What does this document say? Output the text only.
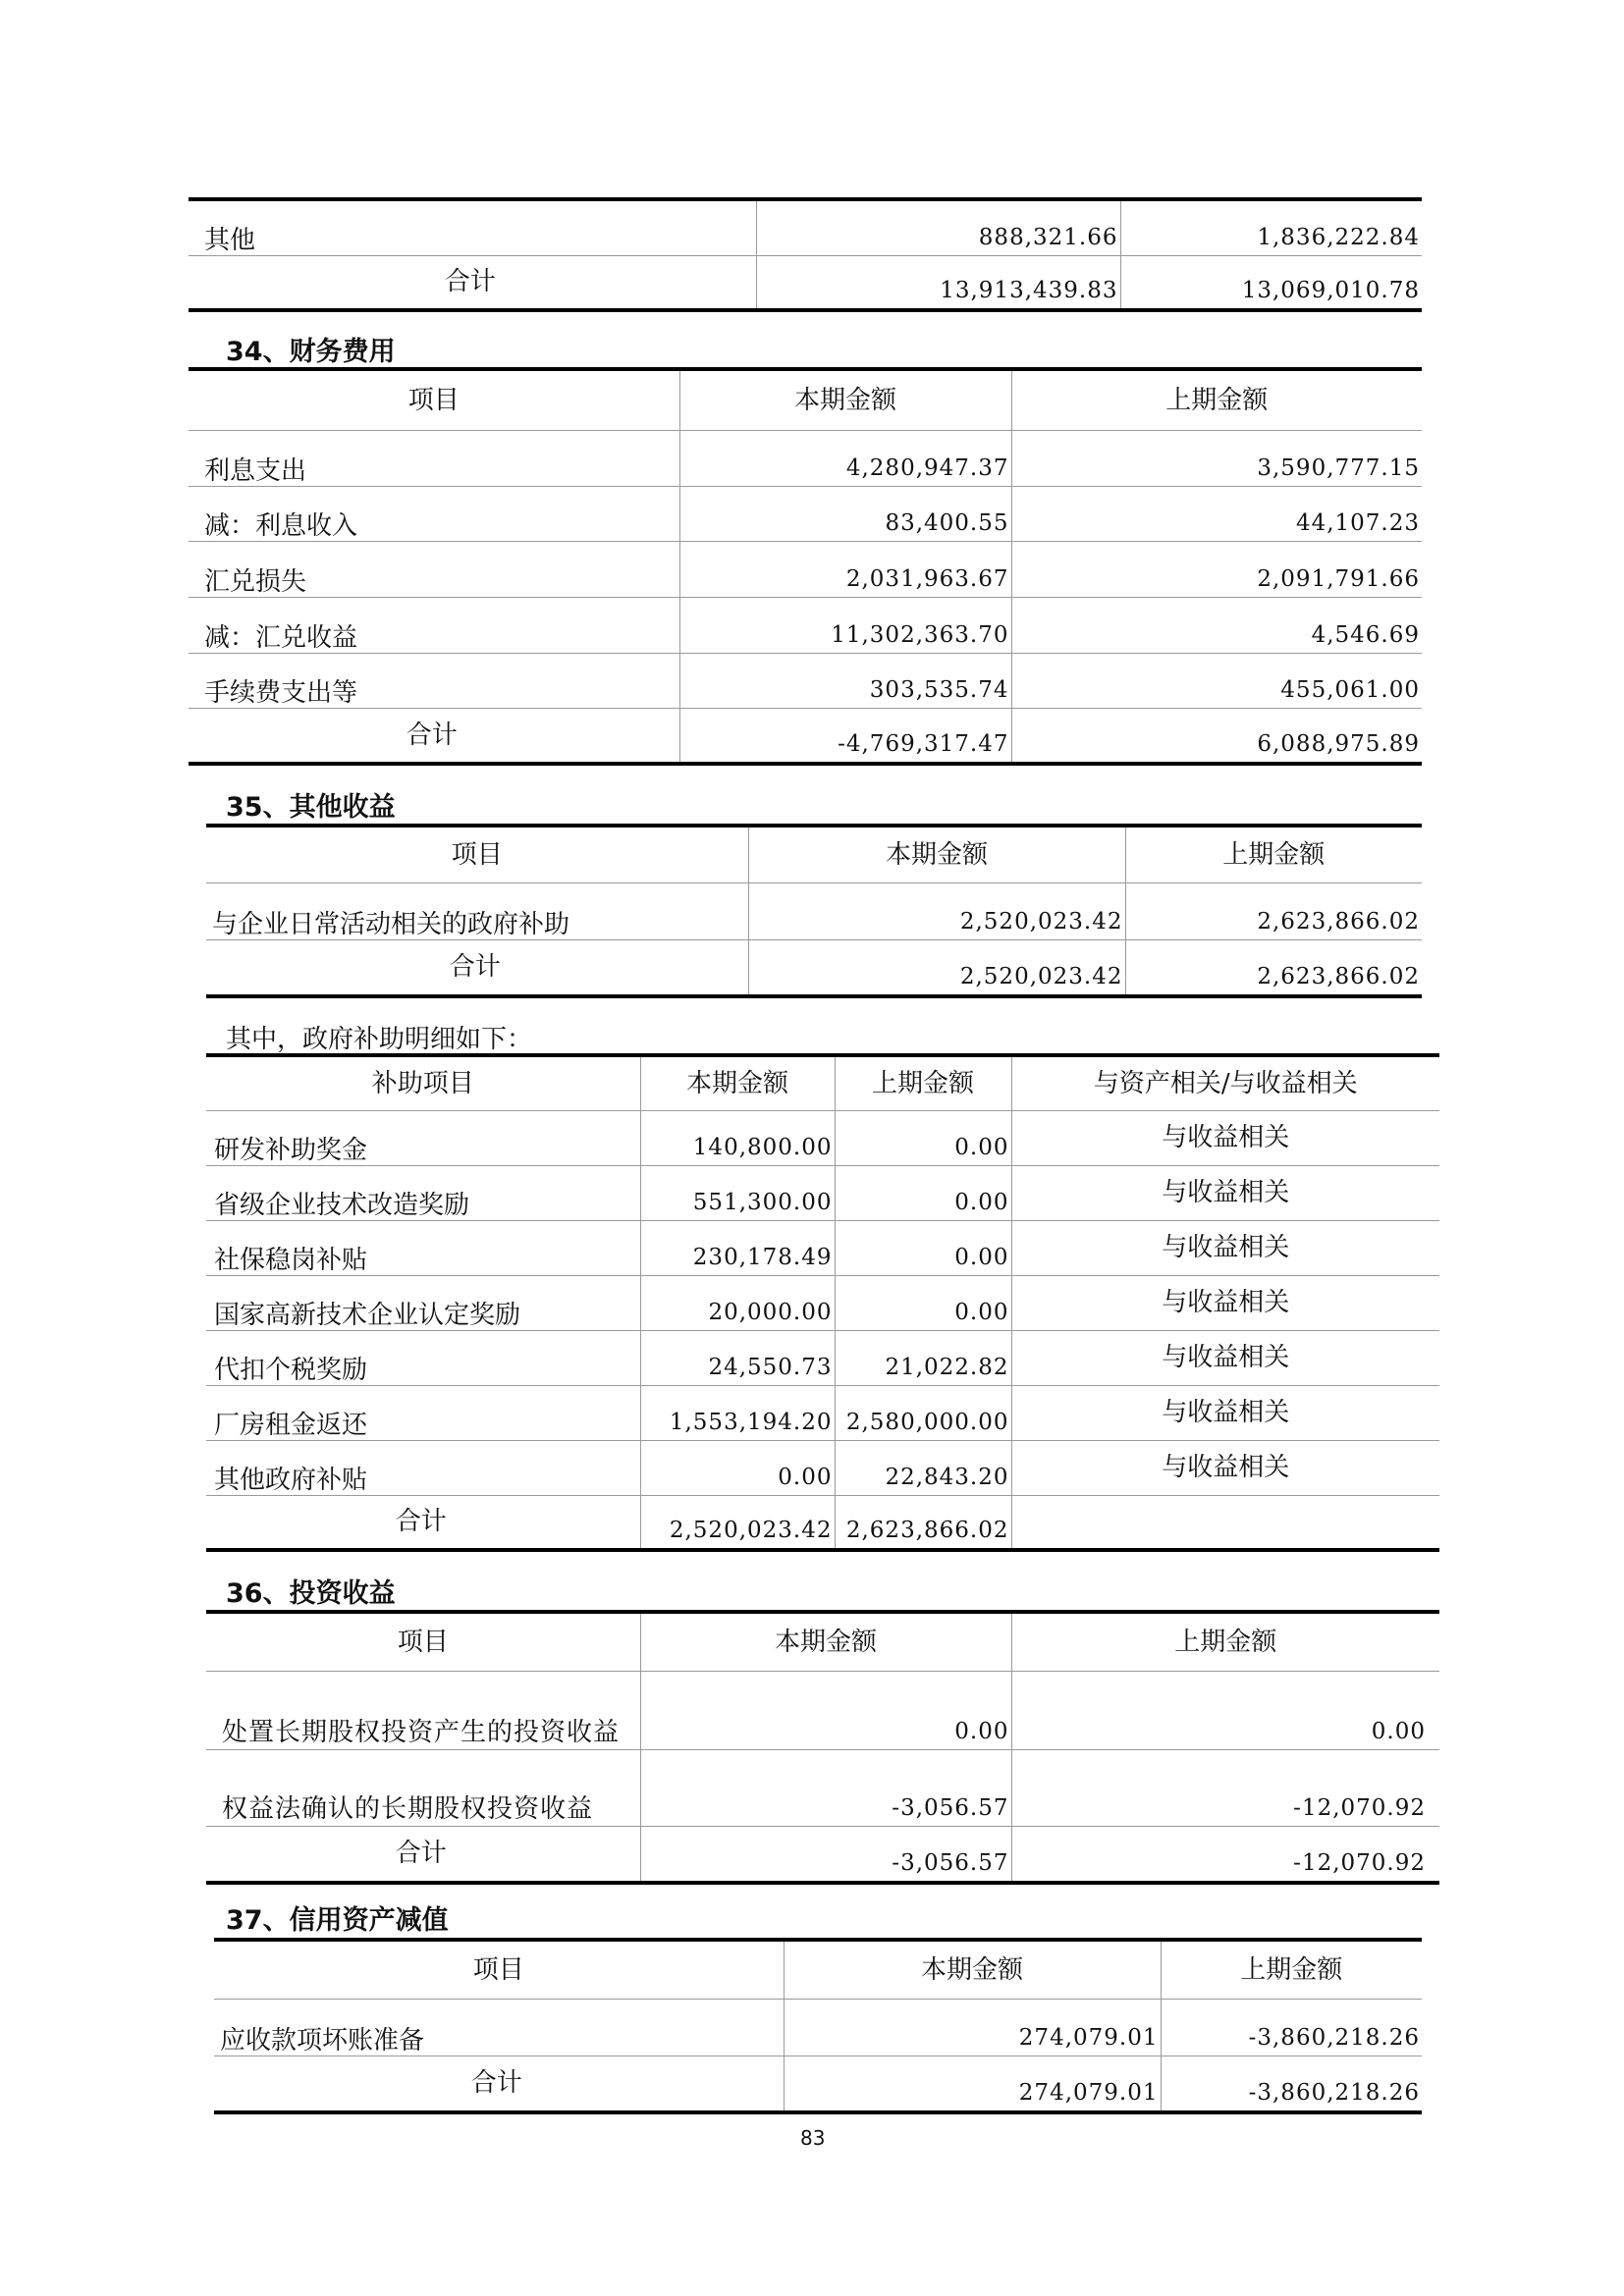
其他	888,321.66	1,836,222.84
合计	13,913,439.83	13,069,010.78
34、财务费用
项目	本期金额	上期金额
利息支出	4,280,947.37	3,590,777.15
减：利息收入	83,400.55	44,107.23
汇兑损失	2,031,963.67	2,091,791.66
减：汇兑收益	11,302,363.70	4,546.69
手续费支出等	303,535.74	455,061.00
合计	-4,769,317.47	6,088,975.89
35、其他收益
项目	本期金额	上期金额
与企业日常活动相关的政府补助	2,520,023.42	2,623,866.02
合计	2,520,023.42	2,623,866.02
其中，政府补助明细如下：
补助项目	本期金额	上期金额	与资产相关/与收益相关
研发补助奖金	140,800.00	0.00	与收益相关
省级企业技术改造奖励	551,300.00	0.00	与收益相关
社保稳岗补贴	230,178.49	0.00	与收益相关
国家高新技术企业认定奖励	20,000.00	0.00	与收益相关
代扣个税奖励	24,550.73	21,022.82	与收益相关
厂房租金返还	1,553,194.20	2,580,000.00	与收益相关
其他政府补贴	0.00	22,843.20	与收益相关
合计	2,520,023.42	2,623,866.02	
36、投资收益
项目	本期金额	上期金额
处置长期股权投资产生的投资收益	0.00	0.00
权益法确认的长期股权投资收益	-3,056.57	-12,070.92
合计	-3,056.57	-12,070.92
37、信用资产减值
项目	本期金额	上期金额
应收款项坏账准备	274,079.01	-3,860,218.26
合计	274,079.01	-3,860,218.26
83
